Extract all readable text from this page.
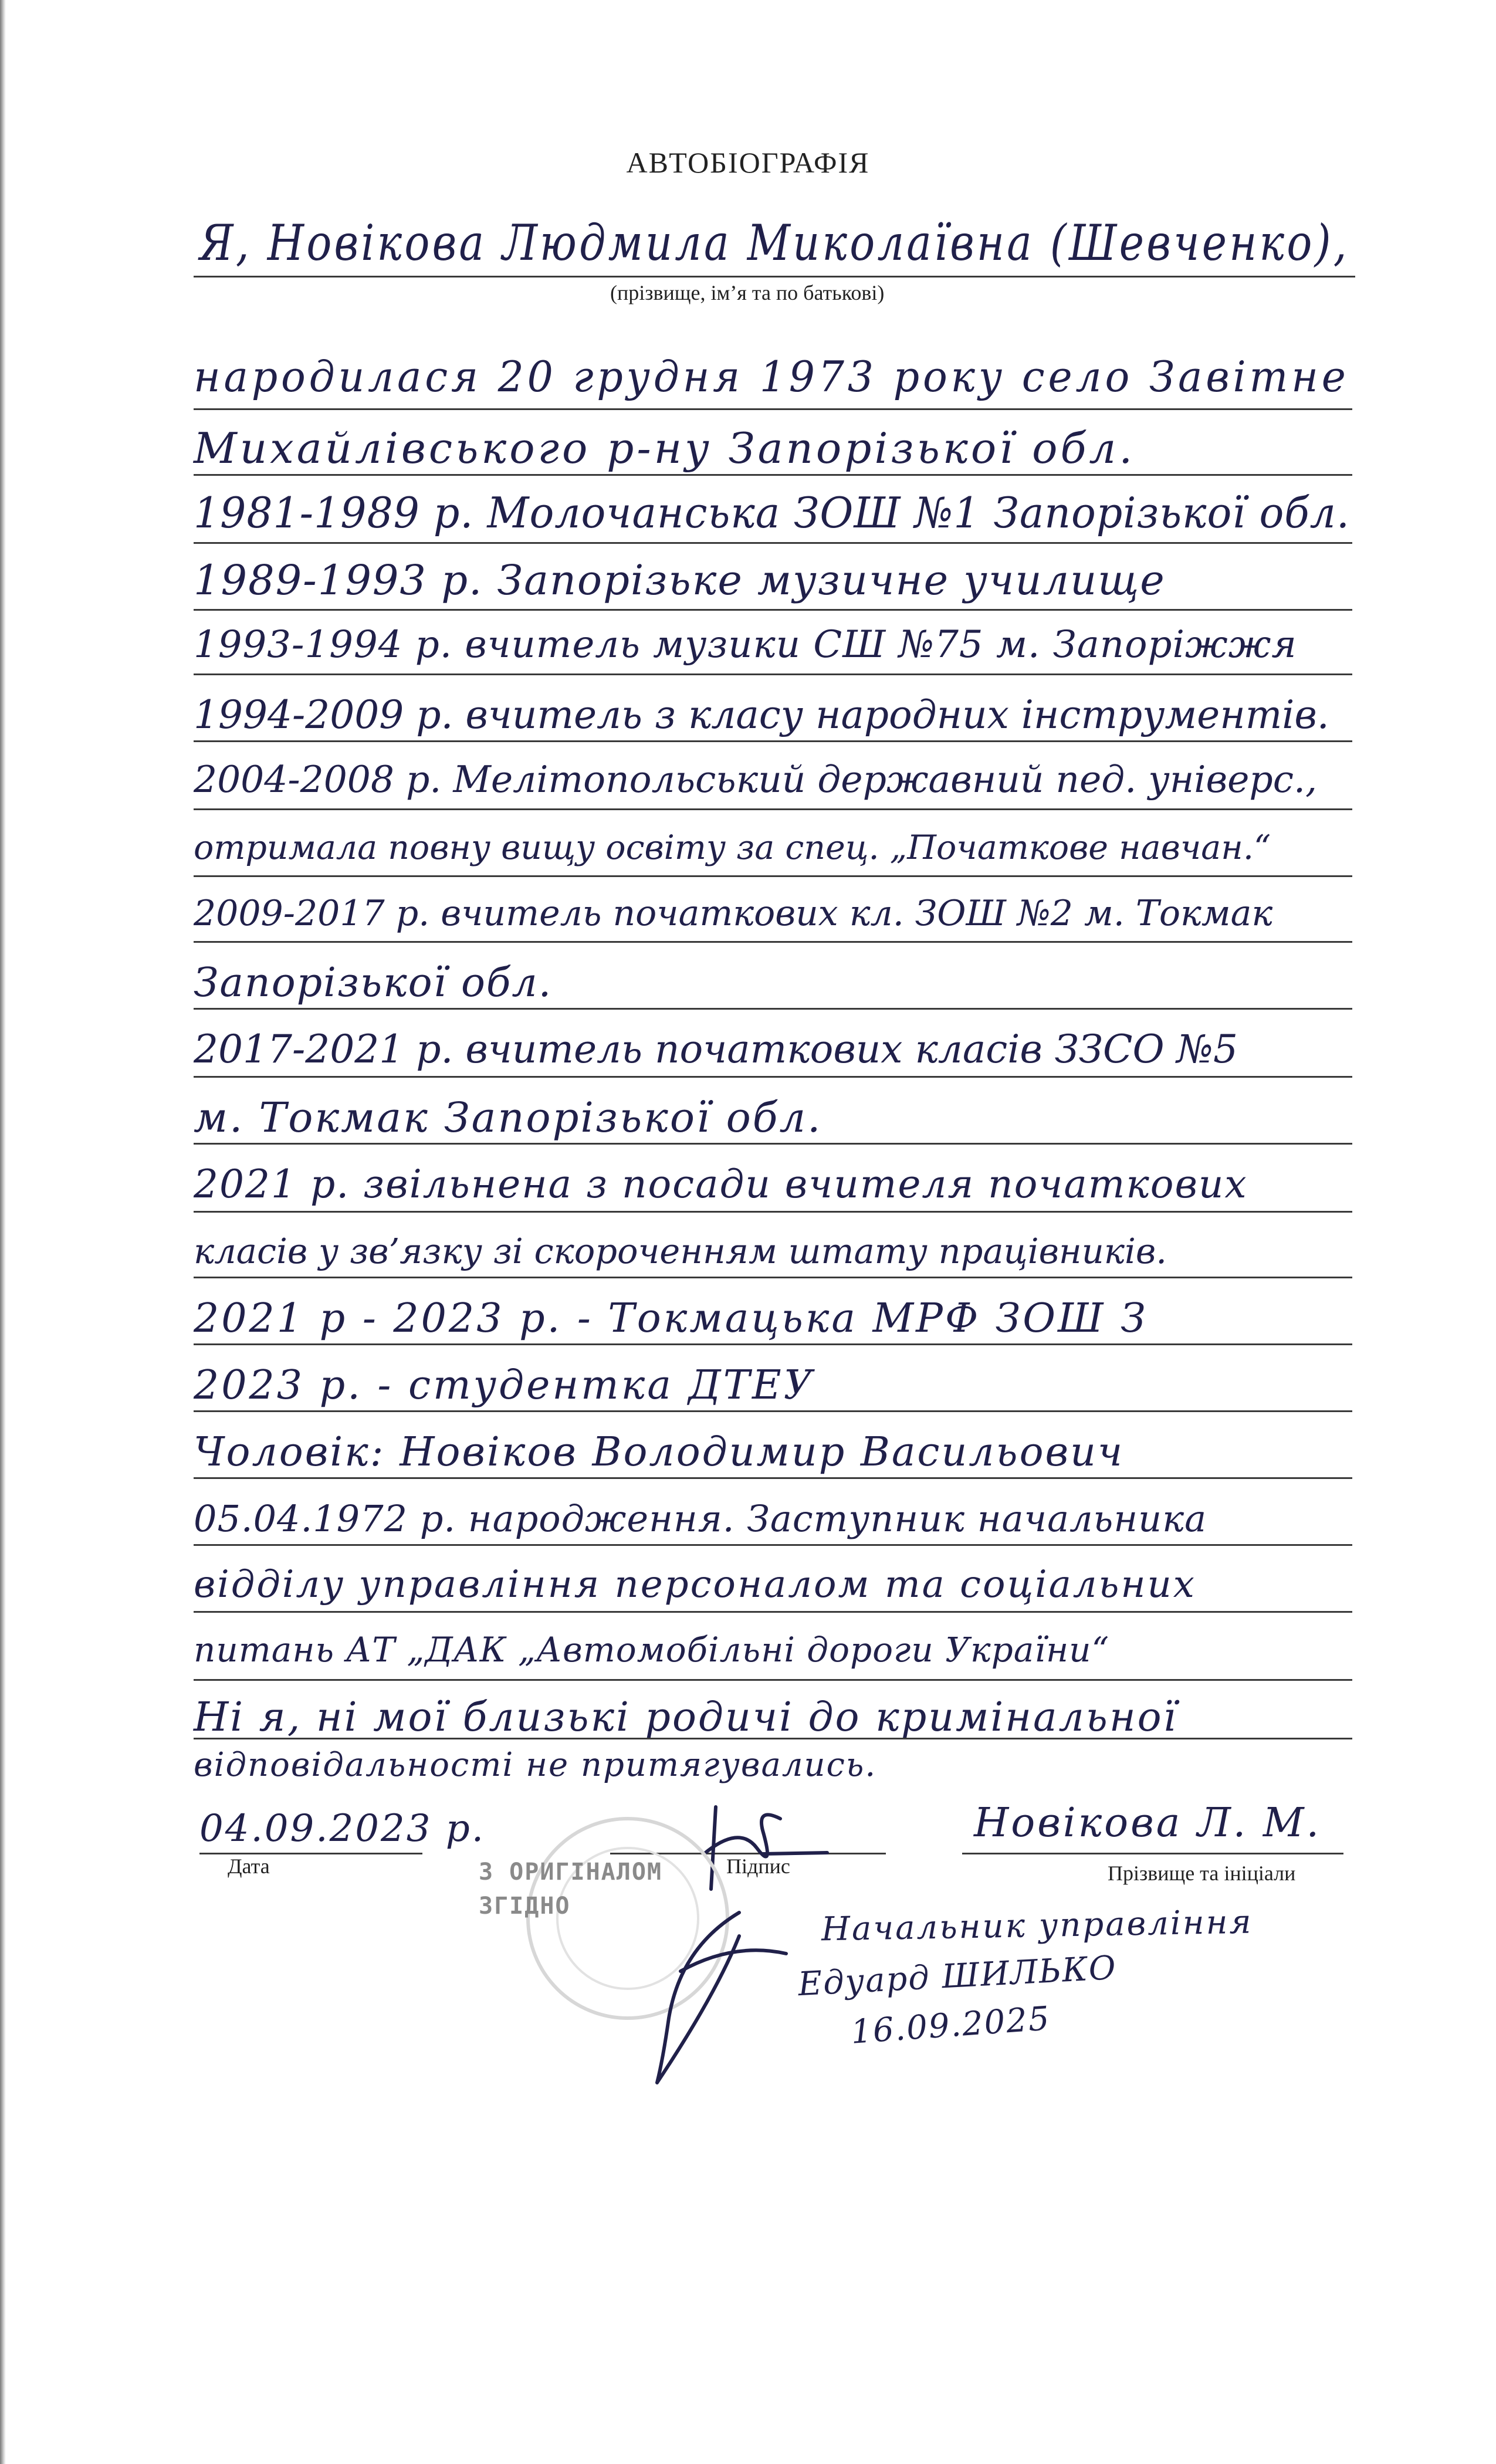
АВТОБІОГРАФІЯ
Я, Новікова Людмила Миколаївна (Шевченко),
(прізвище, ім’я та по батькові)
народилася 20 грудня 1973 року село Завітне
Михайлівського р-ну Запорізької обл.
1981-1989 р. Молочанська ЗОШ №1 Запорізької обл.
1989-1993 р. Запорізьке музичне училище
1993-1994 р. вчитель музики СШ №75 м. Запоріжжя
1994-2009 р. вчитель з класу народних інструментів.
2004-2008 р. Мелітопольський державний пед. універс.,
отримала повну вищу освіту за спец. „Початкове навчан.“
2009-2017 р. вчитель початкових кл. ЗОШ №2 м. Токмак
Запорізької обл.
2017-2021 р. вчитель початкових класів ЗЗСО №5
м. Токмак Запорізької обл.
2021 р. звільнена з посади вчителя початкових
класів у зв’язку зі скороченням штату працівників.
2021 р - 2023 р. - Токмацька МРФ ЗОШ З
2023 р. - студентка ДТЕУ
Чоловік: Новіков Володимир Васильович
05.04.1972 р. народження. Заступник начальника
відділу управління персоналом та соціальних
питань АТ „ДАК „Автомобільні дороги України“
Ні я, ні мої близькі родичі до кримінальної
відповідальності не притягувались.
04.09.2023 р.
Дата	Підпис
Новікова Л. М.
Прізвище та ініціали
З ОРИГІНАЛОМ
ЗГІДНО	Начальник управління
Едуард ШИЛЬКО
16.09.2025
